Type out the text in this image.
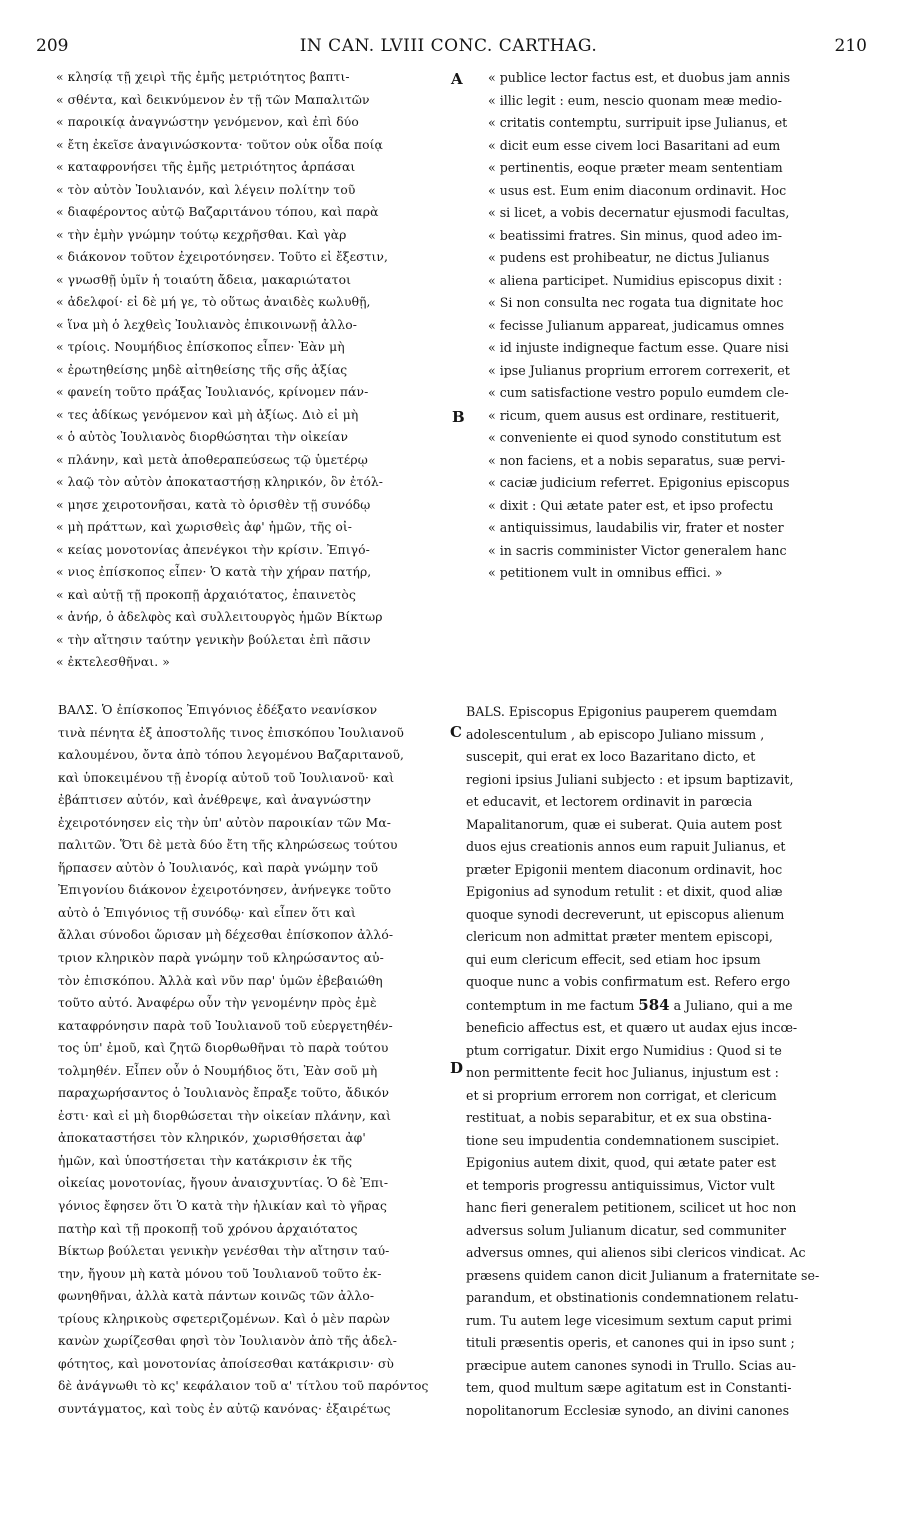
209	IN CAN. LVIII CONC. CARTHAG.	210
A
B
C
D

« κλησίᾳ τῇ χειρὶ τῆς ἐμῆς μετριότητος βαπτι-

« σθέντα, καὶ δεικνύμενον ἐν τῇ τῶν Μαπαλιτῶν

« παροικίᾳ ἀναγνώστην γενόμενον, καὶ ἐπὶ δύο

« ἔτη ἐκεῖσε ἀναγινώσκοντα· τοῦτον οὐκ οἶδα ποίᾳ

« καταφρονήσει τῆς ἐμῆς μετριότητος ἁρπάσαι

« τὸν αὐτὸν Ἰουλιανόν, καὶ λέγειν πολίτην τοῦ

« διαφέροντος αὐτῷ Βαζαριτάνου τόπου, καὶ παρὰ

« τὴν ἐμὴν γνώμην τούτῳ κεχρῆσθαι. Καὶ γὰρ

« διάκονον τοῦτον ἐχειροτόνησεν. Τοῦτο εἰ ἔξεστιν,

« γνωσθῇ ὑμῖν ἡ τοιαύτη ἄδεια, μακαριώτατοι

« ἀδελφοί· εἰ δὲ μή γε, τὸ οὕτως ἀναιδὲς κωλυθῇ,

« ἵνα μὴ ὁ λεχθεὶς Ἰουλιανὸς ἐπικοινωνῇ ἀλλο-

« τρίοις. Νουμήδιος ἐπίσκοπος εἶπεν· Ἐὰν μὴ

« ἐρωτηθείσης μηδὲ αἰτηθείσης τῆς σῆς ἀξίας

« φανείη τοῦτο πράξας Ἰουλιανός, κρίνομεν πάν-

« τες ἀδίκως γενόμενον καὶ μὴ ἀξίως. Διὸ εἰ μὴ

« ὁ αὐτὸς Ἰουλιανὸς διορθώσηται τὴν οἰκείαν

« πλάνην, καὶ μετὰ ἀποθεραπεύσεως τῷ ὑμετέρῳ

« λαῷ τὸν αὐτὸν ἀποκαταστήσῃ κληρικόν, ὃν ἐτόλ-

« μησε χειροτονῆσαι, κατὰ τὸ ὁρισθὲν τῇ συνόδῳ

« μὴ πράττων, καὶ χωρισθεὶς ἀφ' ἡμῶν, τῆς οἰ-

« κείας μονοτονίας ἀπενέγκοι τὴν κρίσιν. Ἐπιγό-

« νιος ἐπίσκοπος εἶπεν· Ὁ κατὰ τὴν χήραν πατήρ,

« καὶ αὐτῇ τῇ προκοπῇ ἀρχαιότατος, ἐπαινετὸς

« ἀνήρ, ὁ ἀδελφὸς καὶ συλλειτουργὸς ἡμῶν Βίκτωρ

« τὴν αἴτησιν ταύτην γενικὴν βούλεται ἐπὶ πᾶσιν

« ἐκτελεσθῆναι. »

« publice lector factus est, et duobus jam annis

« illic legit : eum, nescio quonam meæ medio-

« critatis contemptu, surripuit ipse Julianus, et

« dicit eum esse civem loci Basaritani ad eum

« pertinentis, eoque præter meam sententiam

« usus est. Eum enim diaconum ordinavit. Hoc

« si licet, a vobis decernatur ejusmodi facultas,

« beatissimi fratres. Sin minus, quod adeo im-

« pudens est prohibeatur, ne dictus Julianus

« aliena participet. Numidius episcopus dixit :

« Si non consulta nec rogata tua dignitate hoc

« fecisse Julianum appareat, judicamus omnes

« id injuste indigneque factum esse. Quare nisi

« ipse Julianus proprium errorem correxerit, et

« cum satisfactione vestro populo eumdem cle-

« ricum, quem ausus est ordinare, restituerit,

« conveniente ei quod synodo constitutum est

« non faciens, et a nobis separatus, suæ pervi-

« caciæ judicium referret. Epigonius episcopus

« dixit : Qui ætate pater est, et ipso profectu

« antiquissimus, laudabilis vir, frater et noster

« in sacris comminister Victor generalem hanc

« petitionem vult in omnibus effici. »

ΒΑΛΣ. Ὁ ἐπίσκοπος Ἐπιγόνιος ἐδέξατο νεανίσκον

τινὰ πένητα ἐξ ἀποστολῆς τινος ἐπισκόπου Ἰουλιανοῦ

καλουμένου, ὄντα ἀπὸ τόπου λεγομένου Βαζαριτανοῦ,

καὶ ὑποκειμένου τῇ ἐνορίᾳ αὐτοῦ τοῦ Ἰουλιανοῦ· καὶ

ἐβάπτισεν αὐτόν, καὶ ἀνέθρεψε, καὶ ἀναγνώστην

ἐχειροτόνησεν εἰς τὴν ὑπ' αὐτὸν παροικίαν τῶν Μα-

παλιτῶν. Ὅτι δὲ μετὰ δύο ἔτη τῆς κληρώσεως τούτου

ἥρπασεν αὐτὸν ὁ Ἰουλιανός, καὶ παρὰ γνώμην τοῦ

Ἐπιγονίου διάκονον ἐχειροτόνησεν, ἀνήνεγκε τοῦτο

αὐτὸ ὁ Ἐπιγόνιος τῇ συνόδῳ· καὶ εἶπεν ὅτι καὶ

ἄλλαι σύνοδοι ὥρισαν μὴ δέχεσθαι ἐπίσκοπον ἀλλό-

τριον κληρικὸν παρὰ γνώμην τοῦ κληρώσαντος αὐ-

τὸν ἐπισκόπου. Ἀλλὰ καὶ νῦν παρ' ὑμῶν ἐβεβαιώθη

τοῦτο αὐτό. Ἀναφέρω οὖν τὴν γενομένην πρὸς ἐμὲ

καταφρόνησιν παρὰ τοῦ Ἰουλιανοῦ τοῦ εὐεργετηθέν-

τος ὑπ' ἐμοῦ, καὶ ζητῶ διορθωθῆναι τὸ παρὰ τούτου

τολμηθέν. Εἶπεν οὖν ὁ Νουμήδιος ὅτι, Ἐὰν σοῦ μὴ

παραχωρήσαντος ὁ Ἰουλιανὸς ἔπραξε τοῦτο, ἄδικόν

ἐστι· καὶ εἰ μὴ διορθώσεται τὴν οἰκείαν πλάνην, καὶ

ἀποκαταστήσει τὸν κληρικόν, χωρισθήσεται ἀφ'

ἡμῶν, καὶ ὑποστήσεται τὴν κατάκρισιν ἐκ τῆς

οἰκείας μονοτονίας, ἤγουν ἀναισχυντίας. Ὁ δὲ Ἐπι-

γόνιος ἔφησεν ὅτι Ὁ κατὰ τὴν ἡλικίαν καὶ τὸ γῆρας

πατὴρ καὶ τῇ προκοπῇ τοῦ χρόνου ἀρχαιότατος

Βίκτωρ βούλεται γενικὴν γενέσθαι τὴν αἴτησιν ταύ-

την, ἤγουν μὴ κατὰ μόνου τοῦ Ἰουλιανοῦ τοῦτο ἐκ-

φωνηθῆναι, ἀλλὰ κατὰ πάντων κοινῶς τῶν ἀλλο-

τρίους κληρικοὺς σφετεριζομένων. Καὶ ὁ μὲν παρὼν

κανὼν χωρίζεσθαι φησὶ τὸν Ἰουλιανὸν ἀπὸ τῆς ἀδελ-

φότητος, καὶ μονοτονίας ἀποίσεσθαι κατάκρισιν· σὺ

δὲ ἀνάγνωθι τὸ κς' κεφάλαιον τοῦ α' τίτλου τοῦ παρόντος

συντάγματος, καὶ τοὺς ἐν αὐτῷ κανόνας· ἐξαιρέτως

BALS. Episcopus Epigonius pauperem quemdam

adolescentulum , ab episcopo Juliano missum ,

suscepit, qui erat ex loco Bazaritano dicto, et

regioni ipsius Juliani subjecto : et ipsum baptizavit,

et educavit, et lectorem ordinavit in parœcia

Mapalitanorum, quæ ei suberat. Quia autem post

duos ejus creationis annos eum rapuit Julianus, et

præter Epigonii mentem diaconum ordinavit, hoc

Epigonius ad synodum retulit : et dixit, quod aliæ

quoque synodi decreverunt, ut episcopus alienum

clericum non admittat præter mentem episcopi,

qui eum clericum effecit, sed etiam hoc ipsum

quoque nunc a vobis confirmatum est. Refero ergo

contemptum in me factum 584 a Juliano, qui a me

beneficio affectus est, et quæro ut audax ejus incœ-

ptum corrigatur. Dixit ergo Numidius : Quod si te

non permittente fecit hoc Julianus, injustum est :

et si proprium errorem non corrigat, et clericum

restituat, a nobis separabitur, et ex sua obstina-

tione seu impudentia condemnationem suscipiet.

Epigonius autem dixit, quod, qui ætate pater est

et temporis progressu antiquissimus, Victor vult

hanc fieri generalem petitionem, scilicet ut hoc non

adversus solum Julianum dicatur, sed communiter

adversus omnes, qui alienos sibi clericos vindicat. Ac

præsens quidem canon dicit Julianum a fraternitate se-

parandum, et obstinationis condemnationem relatu-

rum. Tu autem lege vicesimum sextum caput primi

tituli præsentis operis, et canones qui in ipso sunt ;

præcipue autem canones synodi in Trullo. Scias au-

tem, quod multum sæpe agitatum est in Constanti-

nopolitanorum Ecclesiæ synodo, an divini canones
